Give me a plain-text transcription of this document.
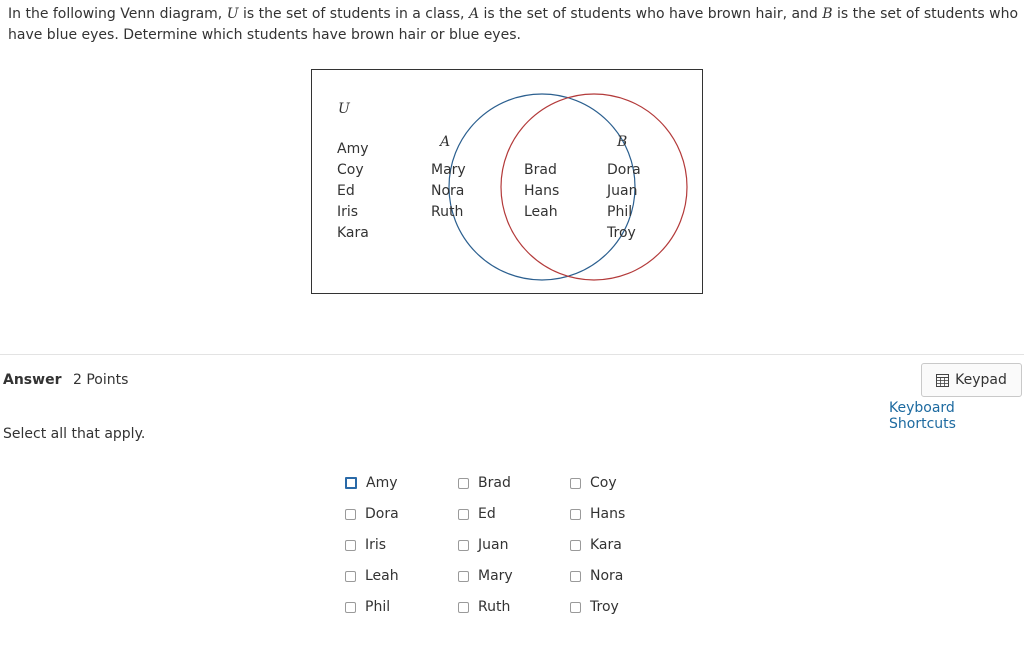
In the following Venn diagram, U is the set of students in a class, A is the set of students who have brown hair, and B is the set of students who have blue eyes. Determine which students have brown hair or blue eyes.
U
A	B
Amy
Coy
Ed
Iris
Kara
Mary
Nora
Ruth
Brad
Hans
Leah
Dora
Juan
Phil
Troy
Answer 2 Points	Keypad
Keyboard Shortcuts
Select all that apply.
Amy	Brad	Coy
Dora	Ed	Hans
Iris	Juan	Kara
Leah	Mary	Nora
Phil	Ruth	Troy
